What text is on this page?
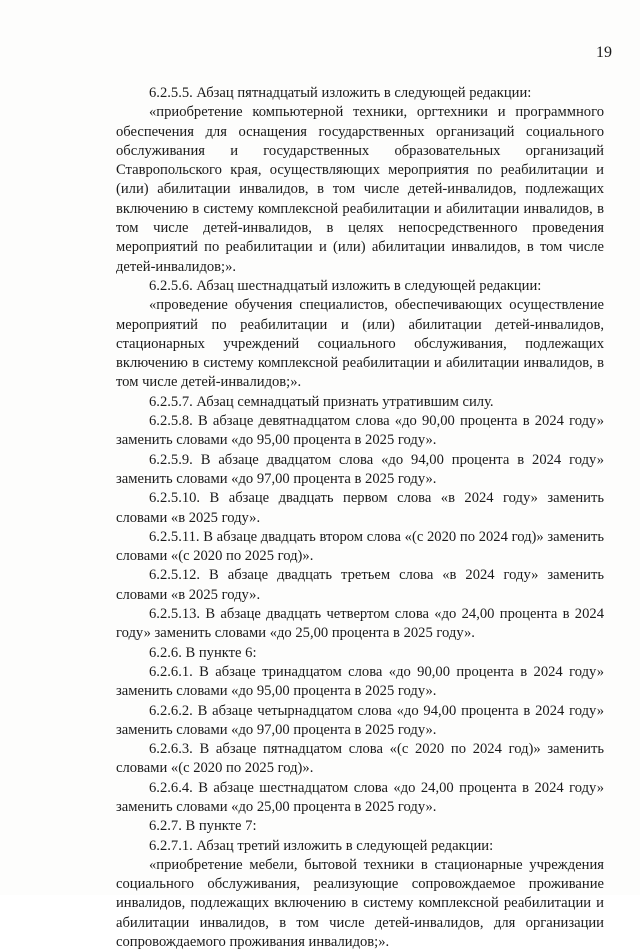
19

6.2.5.5. Абзац пятнадцатый изложить в следующей редакции:

«приобретение компьютерной техники, оргтехники и программного обеспечения для оснащения государственных организаций социального обслуживания и государственных образовательных организаций Ставропольского края, осуществляющих мероприятия по реабилитации и (или) абилитации инвалидов, в том числе детей-инвалидов, подлежащих включению в систему комплексной реабилитации и абилитации инвалидов, в том числе детей-инвалидов, в целях непосредственного проведения мероприятий по реабилитации и (или) абилитации инвалидов, в том числе детей-инвалидов;».

6.2.5.6. Абзац шестнадцатый изложить в следующей редакции:

«проведение обучения специалистов, обеспечивающих осуществление мероприятий по реабилитации и (или) абилитации детей-инвалидов, стационарных учреждений социального обслуживания, подлежащих включению в систему комплексной реабилитации и абилитации инвалидов, в том числе детей-инвалидов;».

6.2.5.7. Абзац семнадцатый признать утратившим силу.

6.2.5.8. В абзаце девятнадцатом слова «до 90,00 процента в 2024 году» заменить словами «до 95,00 процента в 2025 году».

6.2.5.9. В абзаце двадцатом слова «до 94,00 процента в 2024 году» заменить словами «до 97,00 процента в 2025 году».

6.2.5.10. В абзаце двадцать первом слова «в 2024 году» заменить словами «в 2025 году».

6.2.5.11. В абзаце двадцать втором слова «(с 2020 по 2024 год)» заменить словами «(с 2020 по 2025 год)».

6.2.5.12. В абзаце двадцать третьем слова «в 2024 году» заменить словами «в 2025 году».

6.2.5.13. В абзаце двадцать четвертом слова «до 24,00 процента в 2024 году» заменить словами «до 25,00 процента в 2025 году».

6.2.6. В пункте 6:

6.2.6.1. В абзаце тринадцатом слова «до 90,00 процента в 2024 году» заменить словами «до 95,00 процента в 2025 году».

6.2.6.2. В абзаце четырнадцатом слова «до 94,00 процента в 2024 году» заменить словами «до 97,00 процента в 2025 году».

6.2.6.3. В абзаце пятнадцатом слова «(с 2020 по 2024 год)» заменить словами «(с 2020 по 2025 год)».

6.2.6.4. В абзаце шестнадцатом слова «до 24,00 процента в 2024 году» заменить словами «до 25,00 процента в 2025 году».

6.2.7. В пункте 7:

6.2.7.1. Абзац третий изложить в следующей редакции:

«приобретение мебели, бытовой техники в стационарные учреждения социального обслуживания, реализующие сопровождаемое проживание инвалидов, подлежащих включению в систему комплексной реабилитации и абилитации инвалидов, в том числе детей-инвалидов, для организации сопровождаемого проживания инвалидов;».
